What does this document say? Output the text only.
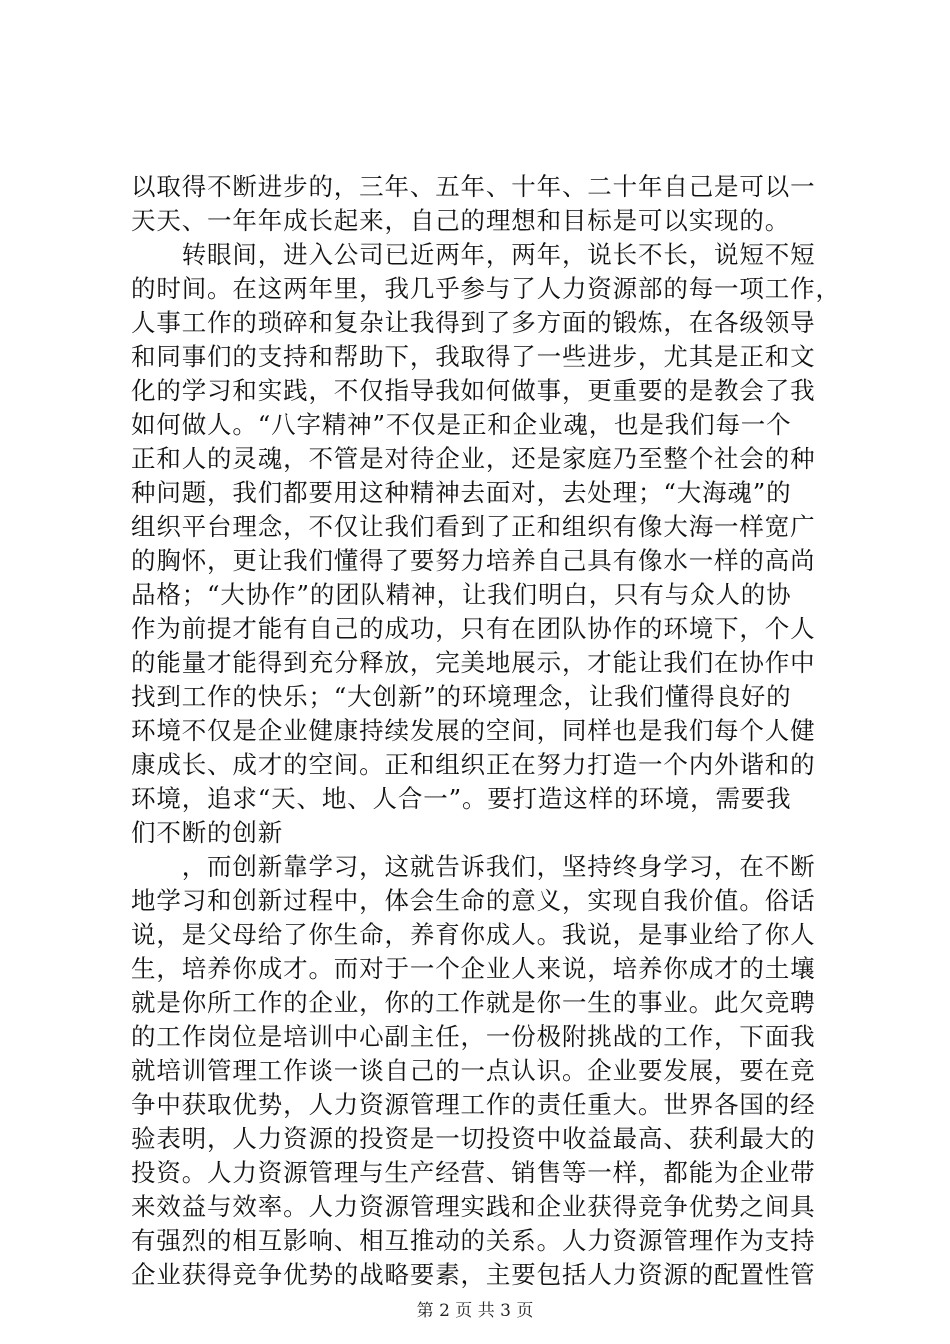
以取得不断进步的，三年、五年、十年、二十年自己是可以一
天天、一年年成长起来，自己的理想和目标是可以实现的。
　　转眼间，进入公司已近两年，两年，说长不长，说短不短
的时间。在这两年里，我几乎参与了人力资源部的每一项工作，
人事工作的琐碎和复杂让我得到了多方面的锻炼，在各级领导
和同事们的支持和帮助下，我取得了一些进步，尤其是正和文
化的学习和实践，不仅指导我如何做事，更重要的是教会了我
如何做人。“八字精神”不仅是正和企业魂，也是我们每一个
正和人的灵魂，不管是对待企业，还是家庭乃至整个社会的种
种问题，我们都要用这种精神去面对，去处理；“大海魂”的
组织平台理念，不仅让我们看到了正和组织有像大海一样宽广
的胸怀，更让我们懂得了要努力培养自己具有像水一样的高尚
品格；“大协作”的团队精神，让我们明白，只有与众人的协
作为前提才能有自己的成功，只有在团队协作的环境下，个人
的能量才能得到充分释放，完美地展示，才能让我们在协作中
找到工作的快乐；“大创新”的环境理念，让我们懂得良好的
环境不仅是企业健康持续发展的空间，同样也是我们每个人健
康成长、成才的空间。正和组织正在努力打造一个内外谐和的
环境，追求“天、地、人合一”。要打造这样的环境，需要我
们不断的创新
　　，而创新靠学习，这就告诉我们，坚持终身学习，在不断
地学习和创新过程中，体会生命的意义，实现自我价值。俗话
说，是父母给了你生命，养育你成人。我说，是事业给了你人
生，培养你成才。而对于一个企业人来说，培养你成才的土壤
就是你所工作的企业，你的工作就是你一生的事业。此欠竞聘
的工作岗位是培训中心副主任，一份极附挑战的工作，下面我
就培训管理工作谈一谈自己的一点认识。企业要发展，要在竞
争中获取优势，人力资源管理工作的责任重大。世界各国的经
验表明，人力资源的投资是一切投资中收益最高、获利最大的
投资。人力资源管理与生产经营、销售等一样，都能为企业带
来效益与效率。人力资源管理实践和企业获得竞争优势之间具
有强烈的相互影响、相互推动的关系。人力资源管理作为支持
企业获得竞争优势的战略要素，主要包括人力资源的配置性管
第 2 页 共 3 页
